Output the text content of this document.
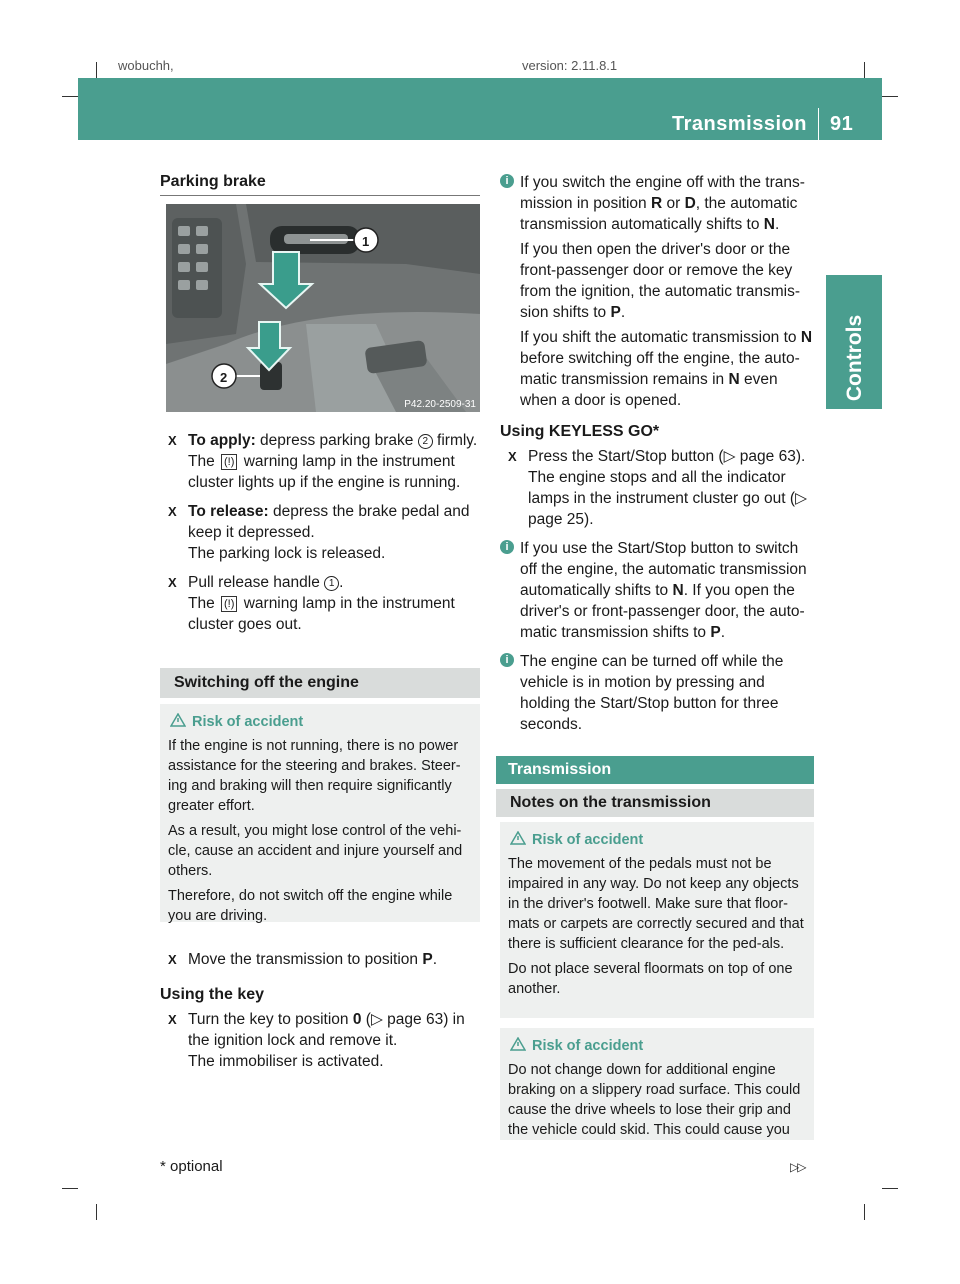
wobuchh,	version: 2.11.8.1
Transmission 91
Controls
Parking brake
1
2
P42.20-2509-31
X To apply: depress parking brake 2 firmly.

The (!) warning lamp in the instrument cluster lights up if the engine is running.

X To release: depress the brake pedal and keep it depressed.

The parking lock is released.

X Pull release handle 1 .

The (!) warning lamp in the instrument cluster goes out.

Switching off the engine
Risk of accident

If the engine is not running, there is no power assistance for the steering and brakes. Steer-ing and braking will then require significantly greater effort.

As a result, you might lose control of the vehi-cle, cause an accident and injure yourself and others.

Therefore, do not switch off the engine while you are driving.

X Move the transmission to position P.

Using the key

X Turn the key to position 0 (▷ page 63) in the ignition lock and remove it.

The immobiliser is activated.

i If you switch the engine off with the trans-mission in position R or D, the automatic transmission automatically shifts to N.

If you then open the driver's door or the front-passenger door or remove the key from the ignition, the automatic transmis-sion shifts to P.

If you shift the automatic transmission to N before switching off the engine, the auto-matic transmission remains in N even when a door is opened.

Using KEYLESS GO*

X Press the Start/Stop button (▷ page 63). The engine stops and all the indicator lamps in the instrument cluster go out (▷ page 25).
i If you use the Start/Stop button to switch off the engine, the automatic transmission automatically shifts to N. If you open the driver's or front-passenger door, the auto-matic transmission shifts to P.

i The engine can be turned off while the vehicle is in motion by pressing and holding the Start/Stop button for three seconds.

Transmission
Notes on the transmission
Risk of accident

The movement of the pedals must not be impaired in any way. Do not keep any objects in the driver's footwell. Make sure that floor-mats or carpets are correctly secured and that there is sufficient clearance for the ped-als.

Do not place several floormats on top of one another.

Risk of accident

Do not change down for additional engine braking on a slippery road surface. This could cause the drive wheels to lose their grip and the vehicle could skid. This could cause you

* optional	▷▷
